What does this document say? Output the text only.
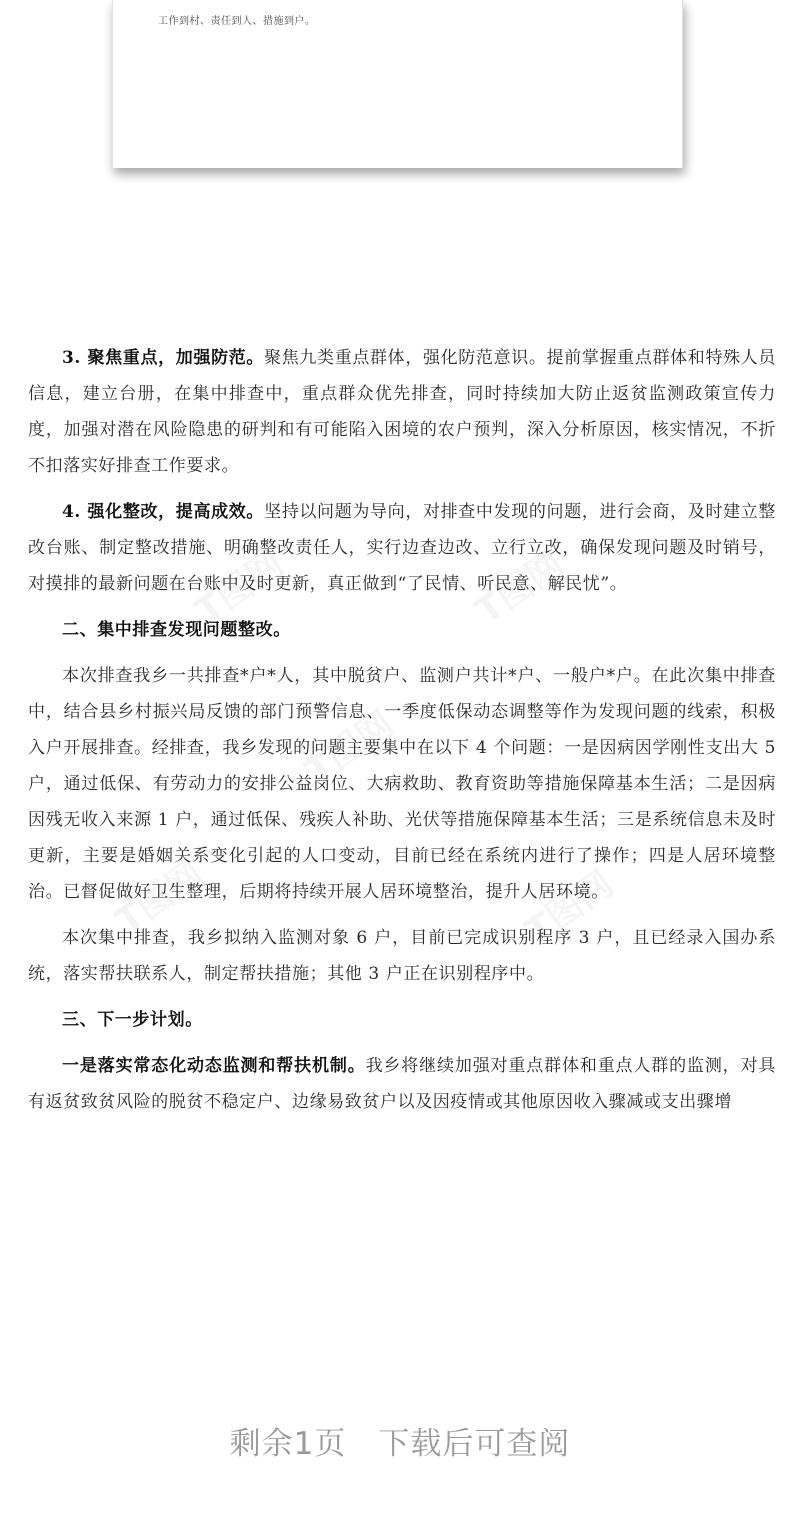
工作到村、责任到人、措施到户。

3. 聚焦重点，加强防范。聚焦九类重点群体，强化防范意识。提前掌握重点群体和特殊人员信息，建立台册，在集中排查中，重点群众优先排查，同时持续加大防止返贫监测政策宣传力度，加强对潜在风险隐患的研判和有可能陷入困境的农户预判，深入分析原因，核实情况，不折不扣落实好排查工作要求。

4. 强化整改，提高成效。坚持以问题为导向，对排查中发现的问题，进行会商，及时建立整改台账、制定整改措施、明确整改责任人，实行边查边改、立行立改，确保发现问题及时销号，对摸排的最新问题在台账中及时更新，真正做到“了民情、听民意、解民忧”。

二、集中排查发现问题整改。

本次排查我乡一共排查*户*人，其中脱贫户、监测户共计*户、一般户*户。在此次集中排查中，结合县乡村振兴局反馈的部门预警信息、一季度低保动态调整等作为发现问题的线索，积极入户开展排查。经排查，我乡发现的问题主要集中在以下 4 个问题：一是因病因学刚性支出大 5 户，通过低保、有劳动力的安排公益岗位、大病救助、教育资助等措施保障基本生活；二是因病因残无收入来源 1 户，通过低保、残疾人补助、光伏等措施保障基本生活；三是系统信息未及时更新，主要是婚姻关系变化引起的人口变动，目前已经在系统内进行了操作；四是人居环境整治。已督促做好卫生整理，后期将持续开展人居环境整治，提升人居环境。

本次集中排查，我乡拟纳入监测对象 6 户，目前已完成识别程序 3 户，且已经录入国办系统，落实帮扶联系人，制定帮扶措施；其他 3 户正在识别程序中。

三、下一步计划。

一是落实常态化动态监测和帮扶机制。我乡将继续加强对重点群体和重点人群的监测，对具有返贫致贫风险的脱贫不稳定户、边缘易致贫户以及因疫情或其他原因收入骤减或支出骤增

剩余1页　下载后可查阅
